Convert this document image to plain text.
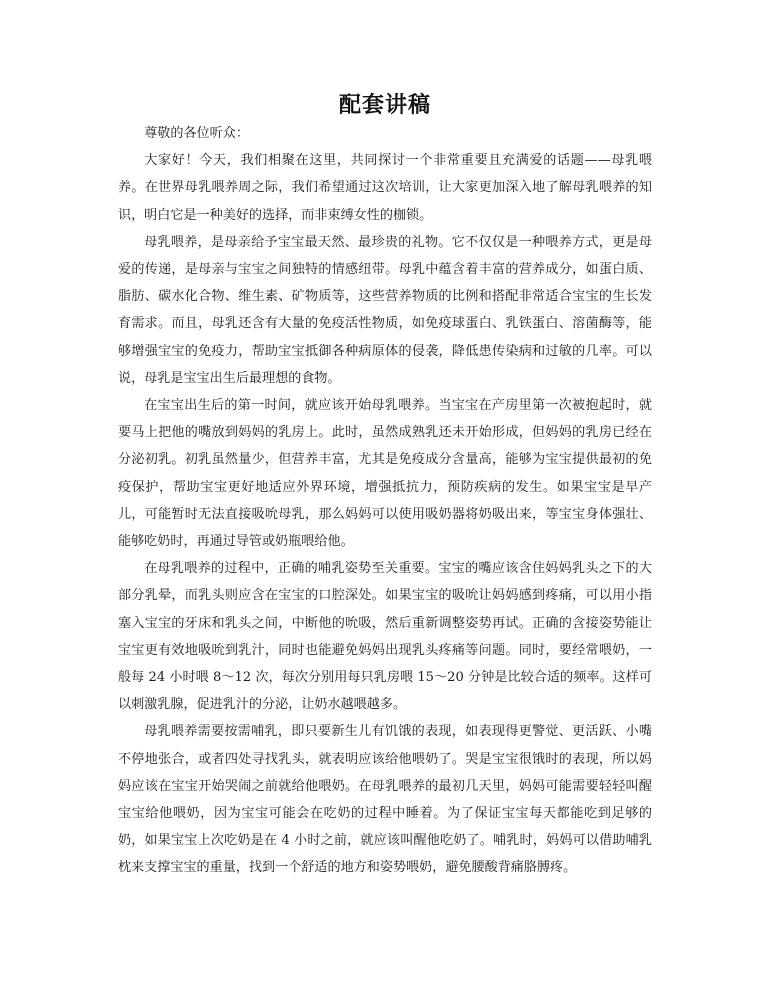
配套讲稿

尊敬的各位听众：

大家好！今天，我们相聚在这里，共同探讨一个非常重要且充满爱的话题——母乳喂养。在世界母乳喂养周之际，我们希望通过这次培训，让大家更加深入地了解母乳喂养的知识，明白它是一种美好的选择，而非束缚女性的枷锁。

母乳喂养，是母亲给予宝宝最天然、最珍贵的礼物。它不仅仅是一种喂养方式，更是母爱的传递，是母亲与宝宝之间独特的情感纽带。母乳中蕴含着丰富的营养成分，如蛋白质、脂肪、碳水化合物、维生素、矿物质等，这些营养物质的比例和搭配非常适合宝宝的生长发育需求。而且，母乳还含有大量的免疫活性物质，如免疫球蛋白、乳铁蛋白、溶菌酶等，能够增强宝宝的免疫力，帮助宝宝抵御各种病原体的侵袭，降低患传染病和过敏的几率。可以说，母乳是宝宝出生后最理想的食物。

在宝宝出生后的第一时间，就应该开始母乳喂养。当宝宝在产房里第一次被抱起时，就要马上把他的嘴放到妈妈的乳房上。此时，虽然成熟乳还未开始形成，但妈妈的乳房已经在分泌初乳。初乳虽然量少，但营养丰富，尤其是免疫成分含量高，能够为宝宝提供最初的免疫保护，帮助宝宝更好地适应外界环境，增强抵抗力，预防疾病的发生。如果宝宝是早产儿，可能暂时无法直接吸吮母乳，那么妈妈可以使用吸奶器将奶吸出来，等宝宝身体强壮、能够吃奶时，再通过导管或奶瓶喂给他。

在母乳喂养的过程中，正确的哺乳姿势至关重要。宝宝的嘴应该含住妈妈乳头之下的大部分乳晕，而乳头则应含在宝宝的口腔深处。如果宝宝的吸吮让妈妈感到疼痛，可以用小指塞入宝宝的牙床和乳头之间，中断他的吮吸，然后重新调整姿势再试。正确的含接姿势能让宝宝更有效地吸吮到乳汁，同时也能避免妈妈出现乳头疼痛等问题。同时，要经常喂奶，一般每 24 小时喂 8～12 次，每次分别用每只乳房喂 15～20 分钟是比较合适的频率。这样可以刺激乳腺，促进乳汁的分泌，让奶水越喂越多。

母乳喂养需要按需哺乳，即只要新生儿有饥饿的表现，如表现得更警觉、更活跃、小嘴不停地张合，或者四处寻找乳头，就表明应该给他喂奶了。哭是宝宝很饿时的表现，所以妈妈应该在宝宝开始哭闹之前就给他喂奶。在母乳喂养的最初几天里，妈妈可能需要轻轻叫醒宝宝给他喂奶，因为宝宝可能会在吃奶的过程中睡着。为了保证宝宝每天都能吃到足够的奶，如果宝宝上次吃奶是在 4 小时之前，就应该叫醒他吃奶了。哺乳时，妈妈可以借助哺乳枕来支撑宝宝的重量，找到一个舒适的地方和姿势喂奶，避免腰酸背痛胳膊疼。
